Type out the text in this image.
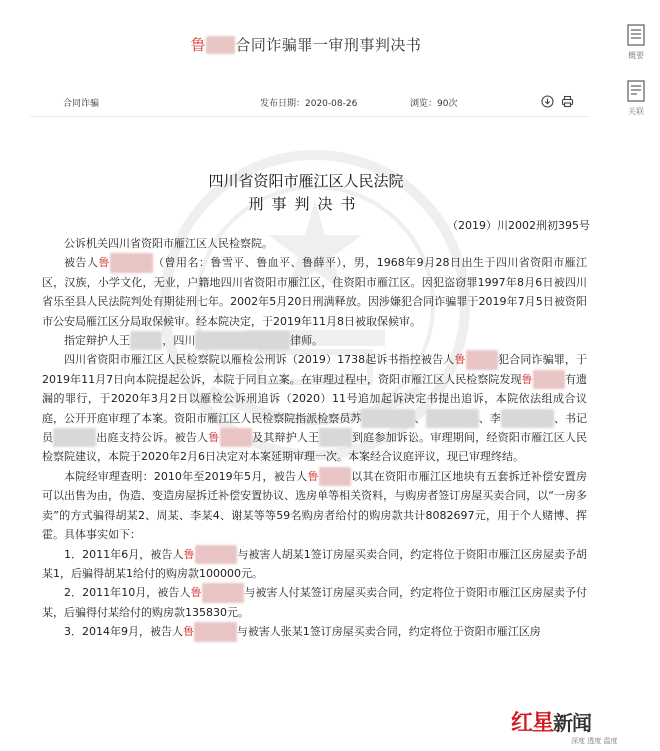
鲁 合同诈骗罪一审刑事判决书
合同诈骗	发布日期：2020-08-26	浏览：90次
四川省资阳市雁江区人民法院
刑事判决书
（2019）川2002刑初395号

公诉机关四川省资阳市雁江区人民检察院。

被告人鲁	（曾用名：鲁雪平、鲁血平、鲁薛平），男，1968年9月28日出生于四川省资阳市雁江区，汉族，小学文化，无业，户籍地四川省资阳市雁江区，住资阳市雁江区。因犯盗窃罪1997年8月6日被四川省乐至县人民法院判处有期徒刑七年。2002年5月20日刑满释放。因涉嫌犯合同诈骗罪于2019年7月5日被资阳市公安局雁江区分局取保候审。经本院决定，于2019年11月8日被取保候审。

指定辩护人王	，四川	律师。

四川省资阳市雁江区人民检察院以雁检公刑诉（2019）1738起诉书指控被告人鲁	犯合同诈骗罪，于2019年11月7日向本院提起公诉，本院于同日立案。在审理过程中，资阳市雁江区人民检察院发现鲁	有遗漏的罪行，于2020年3月2日以雁检公诉刑追诉（2020）11号追加起诉决定书提出追诉，本院依法组成合议庭，公开开庭审理了本案。资阳市雁江区人民检察院指派检察员苏	、	、李	、书记员	出庭支持公诉。被告人鲁	及其辩护人王	到庭参加诉讼。审理期间，经资阳市雁江区人民检察院建议，本院于2020年2月6日决定对本案延期审理一次。本案经合议庭评议，现已审理终结。

本院经审理查明：2010年至2019年5月，被告人鲁	以其在资阳市雁江区地块有五套拆迁补偿安置房可以出售为由，伪造、变造房屋拆迁补偿安置协议、选房单等相关资料，与购房者签订房屋买卖合同，以“一房多卖”的方式骗得胡某2、周某、李某4、谢某等等59名购房者给付的购房款共计8082697元，用于个人赌博、挥霍。具体事实如下：

1．2011年6月，被告人鲁	与被害人胡某1签订房屋买卖合同，约定将位于资阳市雁江区房屋卖予胡某1，后骗得胡某1给付的购房款100000元。

2．2011年10月，被告人鲁	与被害人付某签订房屋买卖合同，约定将位于资阳市雁江区房屋卖予付某，后骗得付某给付的购房款135830元。

3．2014年9月，被告人鲁	与被害人张某1签订房屋买卖合同，约定将位于资阳市雁江区房

概要
关联
红星新闻
深度 透度 温度
